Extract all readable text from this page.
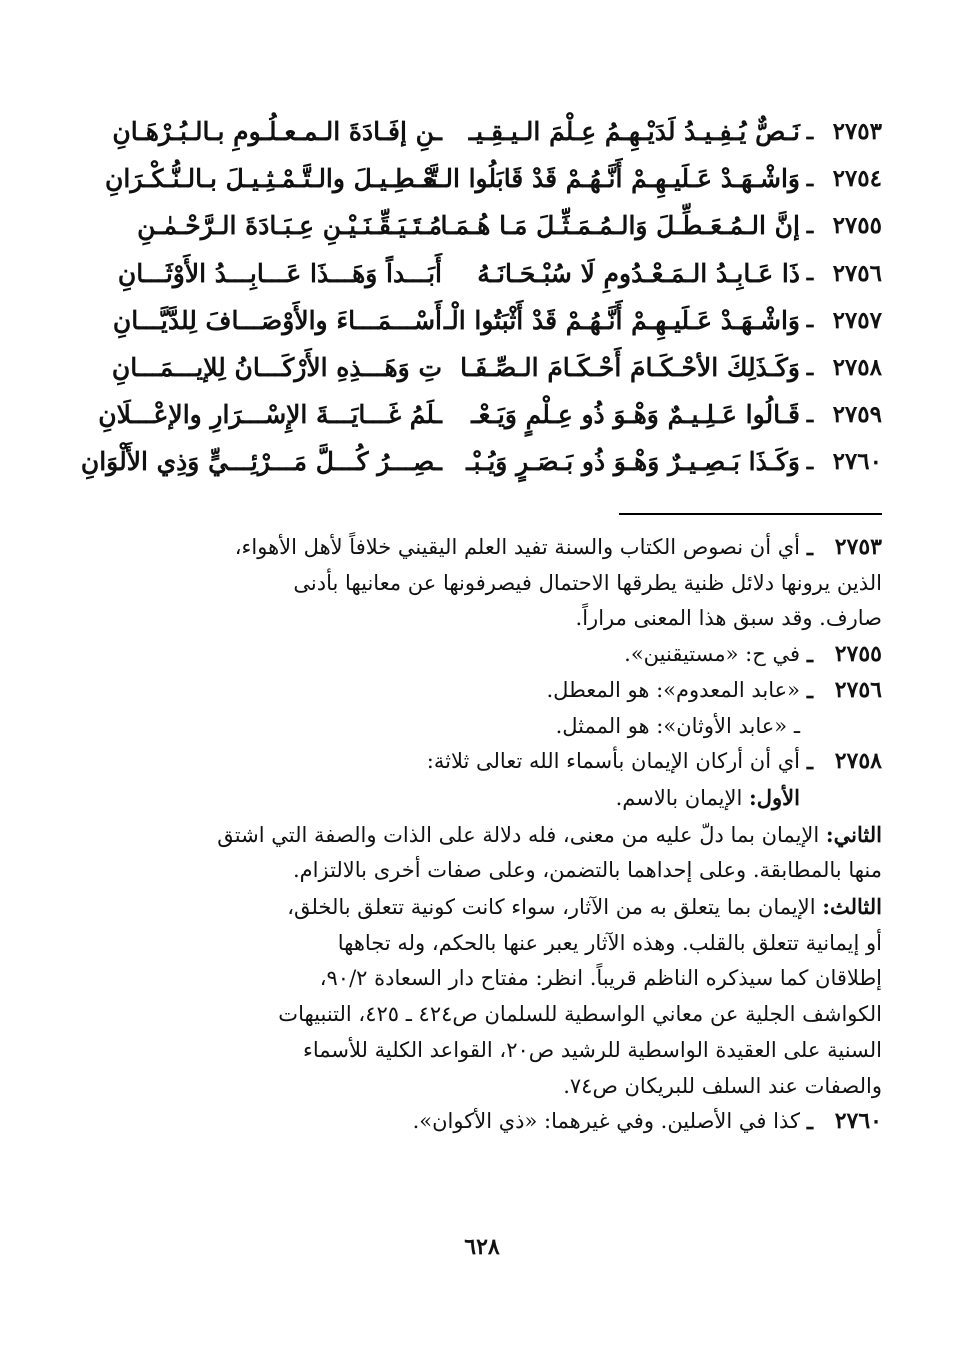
٢٧٥٣
ـ
نَـصٌّ يُـفِـيـدُ لَدَيْـهِـمُ عِـلْمَ الـيـقِـيـ
ـنِ إفَـادَةَ الـمـعـلُـومِ بـالـبُـرْهَـانِ
٢٧٥٤
ـ
وَاشْـهَـدْ عَـلَيـهِـمْ أَنَّـهُـمْ قَدْ قَابَلُوا الـتَّـ
ـعْـطِـيـلَ والـتَّـمْـثِـيـلَ بـالـنُّـكْـرَانِ
٢٧٥٥
ـ
إنَّ الـمُـعَـطِّـلَ وَالـمُـمَـثِّـلَ مَـا هُـمَـا
مُـتَـيَـقِّـنَـيْـنِ عِـبَـادَةَ الـرَّحْـمٰـنِ
٢٧٥٦
ـ
ذَا عَـابِـدُ الـمَـعْـدُومِ لَا سُبْـحَـانَـهُ
أَبَـــداً وَهَـــذَا عَـــابِـــدُ الأَوْثَـــانِ
٢٧٥٧
ـ
وَاشْـهَـدْ عَـلَيـهِـمْ أَنَّـهُـمْ قَدْ أَثْبَتُوا الْـ
أَسْـــمَـــاءَ والأَوْصَـــافَ لِلدَّيَّـــانِ
٢٧٥٨
ـ
وَكَـذَلِكَ الأحْـكَـامَ أَحْـكَـامَ الـصِّـفَـا
تِ وَهَـــذِهِ الأَرْكَـــانُ لِلإيـــمَـــانِ
٢٧٥٩
ـ
قَـالُوا عَـلِـيـمٌ وَهْـوَ ذُو عِـلْمٍ وَيَـعْـ
ـلَمُ غَـــايَـــةَ الإِسْـــرَارِ والإعْـــلَانِ
٢٧٦٠
ـ
وَكَـذَا بَـصِـيـرٌ وَهْـوَ ذُو بَـصَـرٍ وَيُـبْـ
ـصِـــرُ كُـــلَّ مَـــرْئِـــيٍّ وَذِي الأَلْوَانِ
٢٧٥٣
ـ
أي أن نصوص الكتاب والسنة تفيد العلم اليقيني خلافاً لأهل الأهواء،
الذين يرونها دلائل ظنية يطرقها الاحتمال فيصرفونها عن معانيها بأدنى
صارف. وقد سبق هذا المعنى مراراً.
٢٧٥٥
ـ
في ح: «مستيقنين».
٢٧٥٦
ـ
«عابد المعدوم»: هو المعطل.
ـ «عابد الأوثان»: هو الممثل.
٢٧٥٨
ـ
أي أن أركان الإيمان بأسماء الله تعالى ثلاثة:
الأول: الإيمان بالاسم.
الثاني: الإيمان بما دلّ عليه من معنى، فله دلالة على الذات والصفة التي اشتق
منها بالمطابقة. وعلى إحداهما بالتضمن، وعلى صفات أخرى بالالتزام.
الثالث: الإيمان بما يتعلق به من الآثار، سواء كانت كونية تتعلق بالخلق،
أو إيمانية تتعلق بالقلب. وهذه الآثار يعبر عنها بالحكم، وله تجاهها
إطلاقان كما سيذكره الناظم قريباً. انظر: مفتاح دار السعادة ٩٠/٢،
الكواشف الجلية عن معاني الواسطية للسلمان ص٤٢٤ ـ ٤٢٥، التنبيهات
السنية على العقيدة الواسطية للرشيد ص٢٠، القواعد الكلية للأسماء
والصفات عند السلف للبريكان ص٧٤.
٢٧٦٠
ـ
كذا في الأصلين. وفي غيرهما: «ذي الأكوان».
٦٢٨
